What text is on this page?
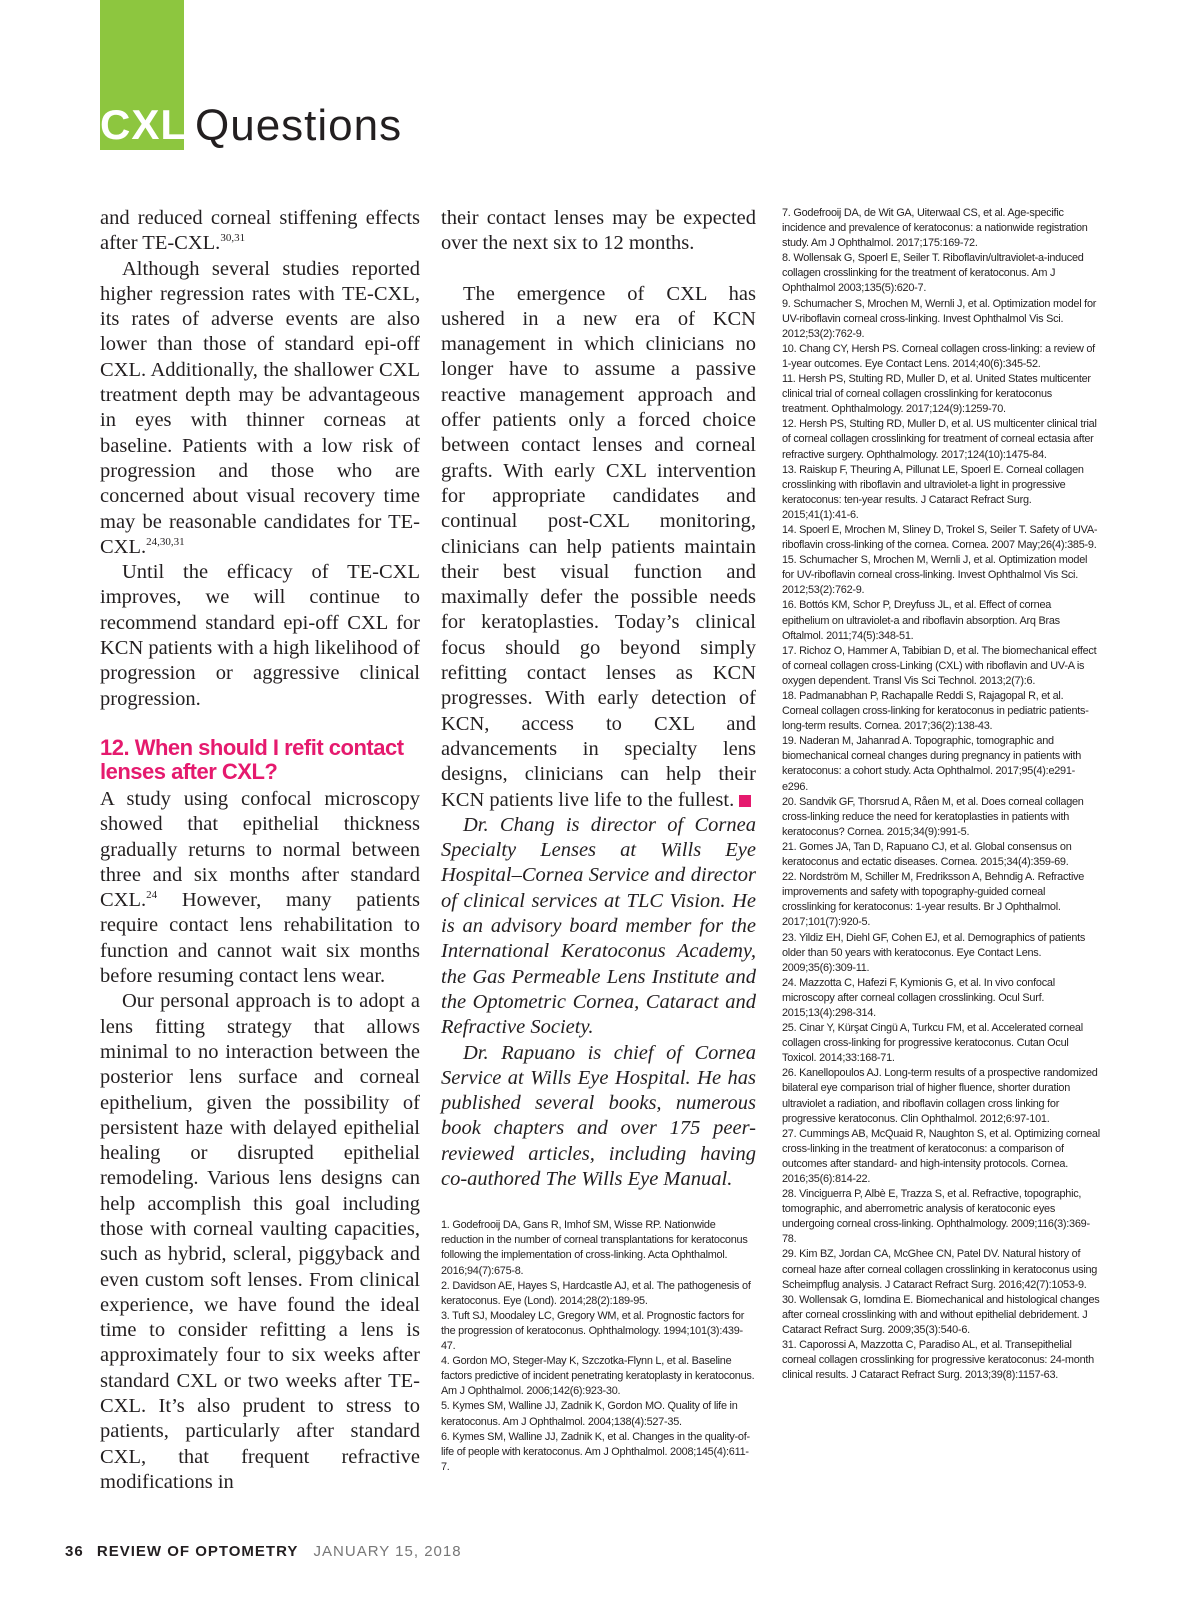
CXL Questions

and reduced corneal stiffening effects after TE-CXL.$^{30,31}$

Although several studies reported higher regression rates with TE-CXL, its rates of adverse events are also lower than those of standard epi-off CXL. Additionally, the shallower CXL treatment depth may be advantageous in eyes with thinner corneas at baseline. Patients with a low risk of progression and those who are concerned about visual recovery time may be reasonable candidates for TE-CXL.$^{24,30,31}$

Until the efficacy of TE-CXL improves, we will continue to recommend standard epi-off CXL for KCN patients with a high likelihood of progression or aggressive clinical progression.

12. When should I refit contact lenses after CXL?

A study using confocal microscopy showed that epithelial thickness gradually returns to normal between three and six months after standard CXL.$^{24}$ However, many patients require contact lens rehabilitation to function and cannot wait six months before resuming contact lens wear.

Our personal approach is to adopt a lens fitting strategy that allows minimal to no interaction between the posterior lens surface and corneal epithelium, given the possibility of persistent haze with delayed epithelial healing or disrupted epithelial remodeling. Various lens designs can help accomplish this goal including those with corneal vaulting capacities, such as hybrid, scleral, piggyback and even custom soft lenses. From clinical experience, we have found the ideal time to consider refitting a lens is approximately four to six weeks after standard CXL or two weeks after TE-CXL. It’s also prudent to stress to patients, particularly after standard CXL, that frequent refractive modifications in

their contact lenses may be expected over the next six to 12 months.

The emergence of CXL has ushered in a new era of KCN management in which clinicians no longer have to assume a passive reactive management approach and offer patients only a forced choice between contact lenses and corneal grafts. With early CXL intervention for appropriate candidates and continual post-CXL monitoring, clinicians can help patients maintain their best visual function and maximally defer the possible needs for keratoplasties. Today’s clinical focus should go beyond simply refitting contact lenses as KCN progresses. With early detection of KCN, access to CXL and advancements in specialty lens designs, clinicians can help their KCN patients live life to the fullest.

Dr. Chang is director of Cornea Specialty Lenses at Wills Eye Hospital–Cornea Service and director of clinical services at TLC Vision. He is an advisory board member for the International Keratoconus Academy, the Gas Permeable Lens Institute and the Optometric Cornea, Cataract and Refractive Society.

Dr. Rapuano is chief of Cornea Service at Wills Eye Hospital. He has published several books, numerous book chapters and over 175 peer-reviewed articles, including having co-authored The Wills Eye Manual.

1. Godefrooij DA, Gans R, Imhof SM, Wisse RP. Nationwide reduction in the number of corneal transplantations for keratoconus following the implementation of cross-linking. Acta Ophthalmol. 2016;94(7):675-8.
2. Davidson AE, Hayes S, Hardcastle AJ, et al. The pathogenesis of keratoconus. Eye (Lond). 2014;28(2):189-95.
3. Tuft SJ, Moodaley LC, Gregory WM, et al. Prognostic factors for the progression of keratoconus. Ophthalmology. 1994;101(3):439-47.
4. Gordon MO, Steger-May K, Szczotka-Flynn L, et al. Baseline factors predictive of incident penetrating keratoplasty in keratoconus. Am J Ophthalmol. 2006;142(6):923-30.
5. Kymes SM, Walline JJ, Zadnik K, Gordon MO. Quality of life in keratoconus. Am J Ophthalmol. 2004;138(4):527-35.
6. Kymes SM, Walline JJ, Zadnik K, et al. Changes in the quality-of-life of people with keratoconus. Am J Ophthalmol. 2008;145(4):611-7.
7. Godefrooij DA, de Wit GA, Uiterwaal CS, et al. Age-specific incidence and prevalence of keratoconus: a nationwide registration study. Am J Ophthalmol. 2017;175:169-72.
8. Wollensak G, Spoerl E, Seiler T. Riboflavin/ultraviolet-a-induced collagen crosslinking for the treatment of keratoconus. Am J Ophthalmol 2003;135(5):620-7.
9. Schumacher S, Mrochen M, Wernli J, et al. Optimization model for UV-riboflavin corneal cross-linking. Invest Ophthalmol Vis Sci. 2012;53(2):762-9.
10. Chang CY, Hersh PS. Corneal collagen cross-linking: a review of 1-year outcomes. Eye Contact Lens. 2014;40(6):345-52.
11. Hersh PS, Stulting RD, Muller D, et al. United States multicenter clinical trial of corneal collagen crosslinking for keratoconus treatment. Ophthalmology. 2017;124(9):1259-70.
12. Hersh PS, Stulting RD, Muller D, et al. US multicenter clinical trial of corneal collagen crosslinking for treatment of corneal ectasia after refractive surgery. Ophthalmology. 2017;124(10):1475-84.
13. Raiskup F, Theuring A, Pillunat LE, Spoerl E. Corneal collagen crosslinking with riboflavin and ultraviolet-a light in progressive keratoconus: ten-year results. J Cataract Refract Surg. 2015;41(1):41-6.
14. Spoerl E, Mrochen M, Sliney D, Trokel S, Seiler T. Safety of UVA-riboflavin cross-linking of the cornea. Cornea. 2007 May;26(4):385-9.
15. Schumacher S, Mrochen M, Wernli J, et al. Optimization model for UV-riboflavin corneal cross-linking. Invest Ophthalmol Vis Sci. 2012;53(2):762-9.
16. Bottós KM, Schor P, Dreyfuss JL, et al. Effect of cornea epithelium on ultraviolet-a and riboflavin absorption. Arq Bras Oftalmol. 2011;74(5):348-51.
17. Richoz O, Hammer A, Tabibian D, et al. The biomechanical effect of corneal collagen cross-Linking (CXL) with riboflavin and UV-A is oxygen dependent. Transl Vis Sci Technol. 2013;2(7):6.
18. Padmanabhan P, Rachapalle Reddi S, Rajagopal R, et al. Corneal collagen cross-linking for keratoconus in pediatric patients-long-term results. Cornea. 2017;36(2):138-43.
19. Naderan M, Jahanrad A. Topographic, tomographic and biomechanical corneal changes during pregnancy in patients with keratoconus: a cohort study. Acta Ophthalmol. 2017;95(4):e291-e296.
20. Sandvik GF, Thorsrud A, Råen M, et al. Does corneal collagen cross-linking reduce the need for keratoplasties in patients with keratoconus? Cornea. 2015;34(9):991-5.
21. Gomes JA, Tan D, Rapuano CJ, et al. Global consensus on keratoconus and ectatic diseases. Cornea. 2015;34(4):359-69.
22. Nordström M, Schiller M, Fredriksson A, Behndig A. Refractive improvements and safety with topography-guided corneal crosslinking for keratoconus: 1-year results. Br J Ophthalmol. 2017;101(7):920-5.
23. Yildiz EH, Diehl GF, Cohen EJ, et al. Demographics of patients older than 50 years with keratoconus. Eye Contact Lens. 2009;35(6):309-11.
24. Mazzotta C, Hafezi F, Kymionis G, et al. In vivo confocal microscopy after corneal collagen crosslinking. Ocul Surf. 2015;13(4):298-314.
25. Cinar Y, Kürşat Cingü A, Turkcu FM, et al. Accelerated corneal collagen cross-linking for progressive keratoconus. Cutan Ocul Toxicol. 2014;33:168-71.
26. Kanellopoulos AJ. Long-term results of a prospective randomized bilateral eye comparison trial of higher fluence, shorter duration ultraviolet a radiation, and riboflavin collagen cross linking for progressive keratoconus. Clin Ophthalmol. 2012;6:97-101.
27. Cummings AB, McQuaid R, Naughton S, et al. Optimizing corneal cross-linking in the treatment of keratoconus: a comparison of outcomes after standard- and high-intensity protocols. Cornea. 2016;35(6):814-22.
28. Vinciguerra P, Albè E, Trazza S, et al. Refractive, topographic, tomographic, and aberrometric analysis of keratoconic eyes undergoing corneal cross-linking. Ophthalmology. 2009;116(3):369-78.
29. Kim BZ, Jordan CA, McGhee CN, Patel DV. Natural history of corneal haze after corneal collagen crosslinking in keratoconus using Scheimpflug analysis. J Cataract Refract Surg. 2016;42(7):1053-9.
30. Wollensak G, Iomdina E. Biomechanical and histological changes after corneal crosslinking with and without epithelial debridement. J Cataract Refract Surg. 2009;35(3):540-6.
31. Caporossi A, Mazzotta C, Paradiso AL, et al. Transepithelial corneal collagen crosslinking for progressive keratoconus: 24-month clinical results. J Cataract Refract Surg. 2013;39(8):1157-63.
36 REVIEW OF OPTOMETRY JANUARY 15, 2018
